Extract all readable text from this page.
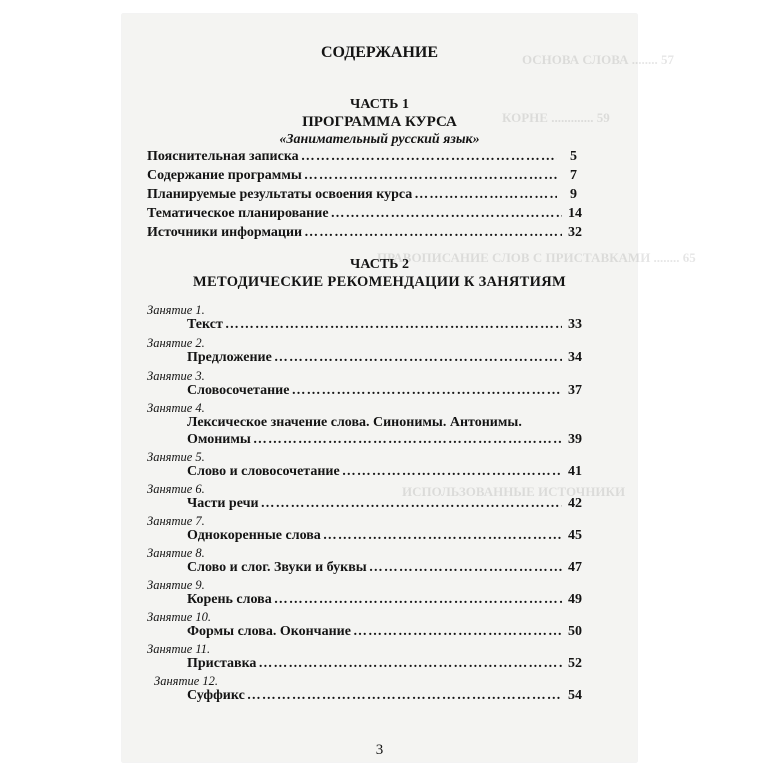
ОСНОВА СЛОВА ........ 57
КОРНЕ ............. 59
ПРАВОПИСАНИЕ СЛОВ С ПРИСТАВКАМИ ........ 65
ИСПОЛЬЗОВАННЫЕ ИСТОЧНИКИ
СОДЕРЖАНИЕ
ЧАСТЬ 1
ПРОГРАММА КУРСА
«Занимательный русский язык»
Пояснительная записка ……………………………………………………………………………………………………………………………………………………………………	5
Содержание программы ……………………………………………………………………………………………………………………………………………………………………	7
Планируемые результаты освоения курса ……………………………………………………………………………………………………………………………………………………………………	9
Тематическое планирование ……………………………………………………………………………………………………………………………………………………………………	14
Источники информации ……………………………………………………………………………………………………………………………………………………………………	32
ЧАСТЬ 2
МЕТОДИЧЕСКИЕ РЕКОМЕНДАЦИИ К ЗАНЯТИЯМ
Занятие 1.
Текст ……………………………………………………………………………………………………………………………………………………………………	33
Занятие 2.
Предложение ……………………………………………………………………………………………………………………………………………………………………	34
Занятие 3.
Словосочетание ……………………………………………………………………………………………………………………………………………………………………	37
Занятие 4.
Лексическое значение слова. Синонимы. Антонимы.
Омонимы ……………………………………………………………………………………………………………………………………………………………………	39
Занятие 5.
Слово и словосочетание ……………………………………………………………………………………………………………………………………………………………………	41
Занятие 6.
Части речи ……………………………………………………………………………………………………………………………………………………………………	42
Занятие 7.
Однокоренные слова ……………………………………………………………………………………………………………………………………………………………………	45
Занятие 8.
Слово и слог. Звуки и буквы ……………………………………………………………………………………………………………………………………………………………………	47
Занятие 9.
Корень слова ……………………………………………………………………………………………………………………………………………………………………	49
Занятие 10.
Формы слова. Окончание ……………………………………………………………………………………………………………………………………………………………………	50
Занятие 11.
Приставка ……………………………………………………………………………………………………………………………………………………………………	52
Занятие 12.
Суффикс ……………………………………………………………………………………………………………………………………………………………………	54
3
